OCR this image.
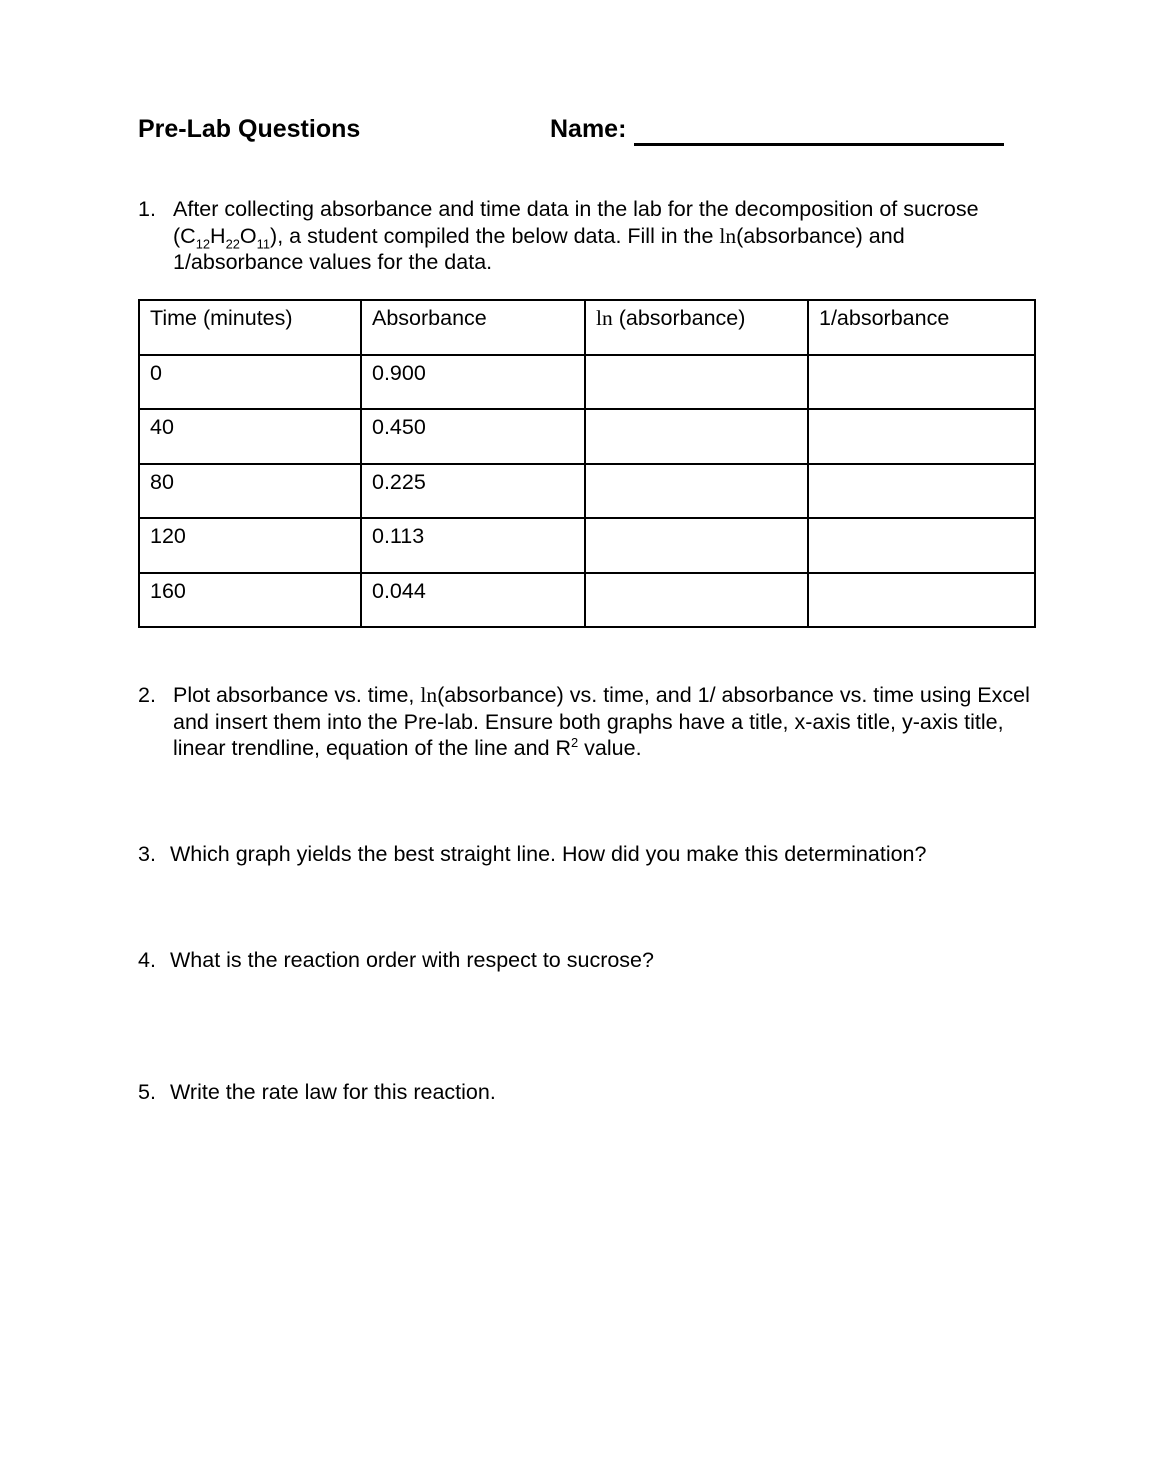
Pre-Lab Questions	Name:
1. After collecting absorbance and time data in the lab for the decomposition of sucrose $(C_{12}H_{22}O_{11})$, a student compiled the below data. Fill in the ln(absorbance) and 1/absorbance values for the data.
Time (minutes)	Absorbance	ln (absorbance)	1/absorbance
0	0.900		
40	0.450		
80	0.225		
120	0.113		
160	0.044		
2. Plot absorbance vs. time, ln(absorbance) vs. time, and 1/ absorbance vs. time using Excel and insert them into the Pre-lab. Ensure both graphs have a title, x-axis title, y-axis title, linear trendline, equation of the line and $R^2$ value.
3. Which graph yields the best straight line. How did you make this determination?
4. What is the reaction order with respect to sucrose?
5. Write the rate law for this reaction.
